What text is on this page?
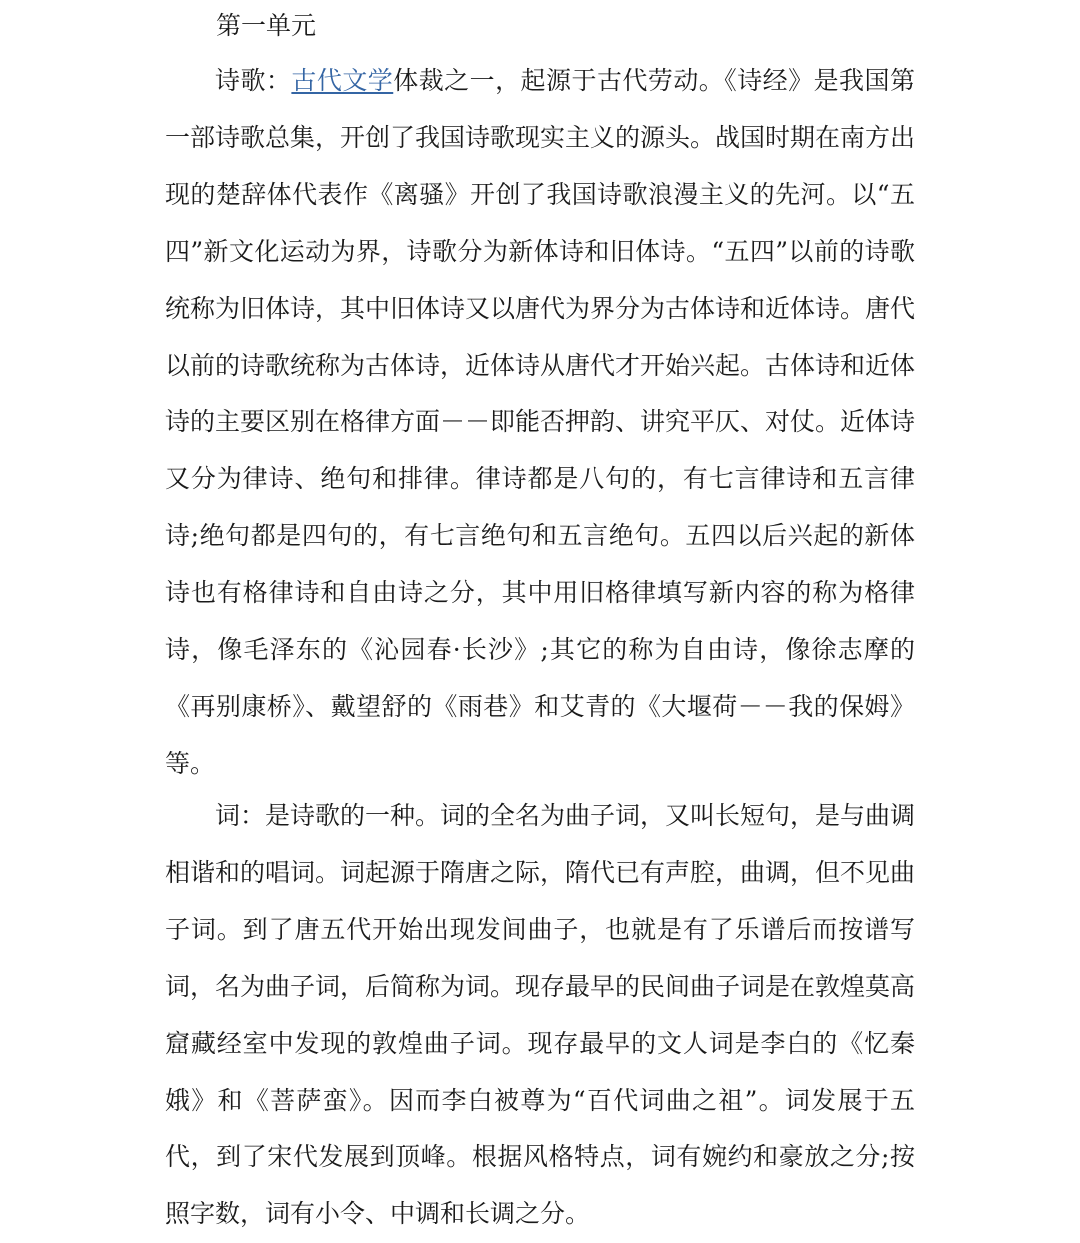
第一单元

诗歌：古代文学体裁之一，起源于古代劳动。《诗经》是我国第一部诗歌总集，开创了我国诗歌现实主义的源头。战国时期在南方出现的楚辞体代表作《离骚》开创了我国诗歌浪漫主义的先河。以“五四”新文化运动为界，诗歌分为新体诗和旧体诗。“五四”以前的诗歌统称为旧体诗，其中旧体诗又以唐代为界分为古体诗和近体诗。唐代以前的诗歌统称为古体诗，近体诗从唐代才开始兴起。古体诗和近体诗的主要区别在格律方面－－即能否押韵、讲究平仄、对仗。近体诗又分为律诗、绝句和排律。律诗都是八句的，有七言律诗和五言律诗;绝句都是四句的，有七言绝句和五言绝句。五四以后兴起的新体诗也有格律诗和自由诗之分，其中用旧格律填写新内容的称为格律诗，像毛泽东的《沁园春·长沙》;其它的称为自由诗，像徐志摩的《再别康桥》、戴望舒的《雨巷》和艾青的《大堰荷－－我的保姆》等。

词：是诗歌的一种。词的全名为曲子词，又叫长短句，是与曲调相谐和的唱词。词起源于隋唐之际，隋代已有声腔，曲调，但不见曲子词。到了唐五代开始出现发间曲子，也就是有了乐谱后而按谱写词，名为曲子词，后简称为词。现存最早的民间曲子词是在敦煌莫高窟藏经室中发现的敦煌曲子词。现存最早的文人词是李白的《忆秦娥》和《菩萨蛮》。因而李白被尊为“百代词曲之祖”。词发展于五代，到了宋代发展到顶峰。根据风格特点，词有婉约和豪放之分;按照字数，词有小令、中调和长调之分。
